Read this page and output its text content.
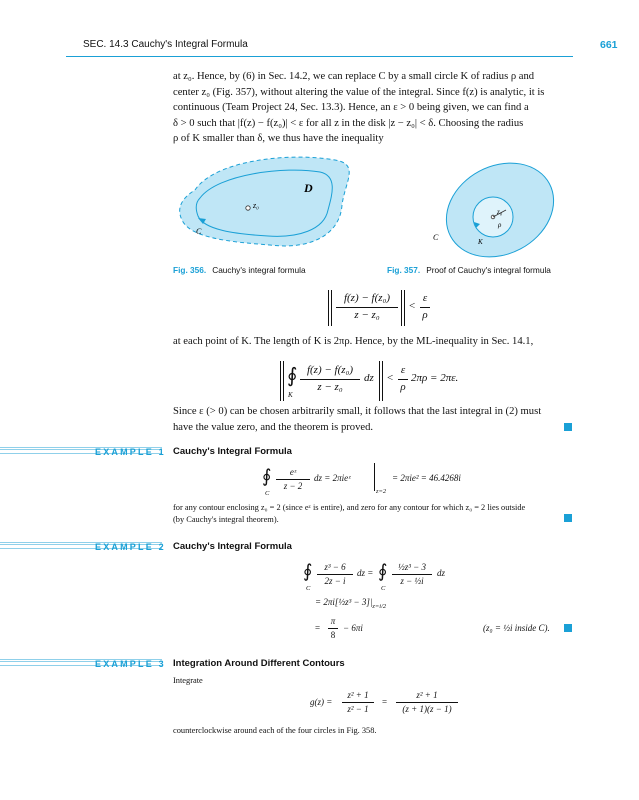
SEC. 14.3 Cauchy's Integral Formula	661
at z₀. Hence, by (6) in Sec. 14.2, we can replace C by a small circle K of radius ρ and
center z₀ (Fig. 357), without altering the value of the integral. Since f(z) is analytic, it is
continuous (Team Project 24, Sec. 13.3). Hence, an ε > 0 being given, we can find a
δ > 0 such that |f(z) − f(z₀)| < ε for all z in the disk |z − z₀| < δ. Choosing the radius
ρ of K smaller than δ, we thus have the inequality
z₀
D
C
z₀
ρ
K
C
Fig. 356. Cauchy's integral formula	Fig. 357. Proof of Cauchy's integral formula
f(z) − f(z₀)
z − z₀
<
ε
ρ
at each point of K. The length of K is 2πρ. Hence, by the ML-inequality in Sec. 14.1,
∮
K
f(z) − f(z₀)
z − z₀
dz <
ε
ρ
2πρ = 2πε.
Since ε (> 0) can be chosen arbitrarily small, it follows that the last integral in (2) must
have the value zero, and the theorem is proved.
EXAMPLE 1 Cauchy's Integral Formula
∮
C
eᶻ
z − 2
dz = 2πieᶻ
z=2
= 2πie² = 46.4268i
for any contour enclosing z₀ = 2 (since eᶻ is entire), and zero for any contour for which z₀ = 2 lies outside
(by Cauchy's integral theorem).
EXAMPLE 2 Cauchy's Integral Formula
∮
C
z³ − 6
2z − i
dz = ∮
C
½z³ − 3
z − ½i
dz
= 2πi[½z³ − $3]|_{z=i/2}$
=
π
8
− 6πi	(z₀ = ½i inside C).
EXAMPLE 3 Integration Around Different Contours
Integrate
g(z) =
z² + 1
z² − 1
=
z² + 1
(z + 1)(z − 1)
counterclockwise around each of the four circles in Fig. 358.
